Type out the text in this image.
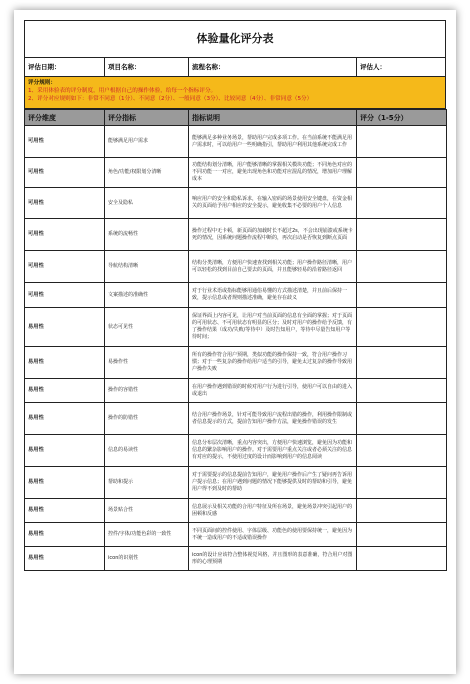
体验量化评分表
评估日期：	项目名称：	流程名称：	评估人：
评分规则：
1、采用体验表的评分制度，用户根据自己的操作体验，给每一个指标评分。
2、评分对应规则如下：非常不同意（1分）、不同意（2分）、一般同意（3分）、比较同意（4分）、非常同意（5分）
评分维度	评分指标	指标说明	评分（1-5分）
可用性	能够满足用户需求	能够满足多种业务场景，帮助用户完成多项工作。在当前系统不能满足用户需求时，可以给用户一些明确指引，帮助用户利用其他系统完成工作	
可用性	角色/功能/权限划分清晰	功能结构划分清晰，用户能够清晰的掌握相关模块功能；不同角色对应的不同功能一一对应，避免出现角色和功能对应混乱的情况，增加用户理解成本	
可用性	安全及隐私	响应用户的安全和隐私诉求，在输入密码的场景使用安全键盘，在资金相关的页面给予用户相应的安全提示，避免收集不必要的用户个人信息	
可用性	系统的流畅性	操作过程中无卡顿，新页面的加载时长不超过2s，不会出现崩溃或系统卡死的情况，因系统问题操作流程中断的，再次启动是否恢复到断点页面	
可用性	导航结构清晰	结构分类清晰，方便用户快速查找到相关功能；用户操作路径清晰，用户可以轻松的找到目前自己要去的页面，并且能够轻易的沿着路径返回	
可用性	文案描述的准确性	对于行业术语或指标能够用通俗易懂的方式描述清楚，并且前后保持一致，提示信息或者规则描述准确，避免存在歧义	
易用性	状态可见性	保证界面上内容可见，让用户对当前页面的信息有全面的掌握；对于页面的可用状态、不可用状态有明显的区分；及时对用户的操作给予反馈，有了操作结果（成功/失败/等待中）及时告知用户，等待中尽量告知用户等待时间；	
易用性	易操作性	所有的操作符合用户预期，类似功能的操作保持一致，符合用户操作习惯；对于一些复杂的操作给用户适当的引导，避免太过复杂的操作导致用户操作失败	
易用性	操作的容错性	在用户操作遇到错误的时候对用户行为进行引导，使用户可以自由的进入或退出	
易用性	操作的防错性	结合用户操作场景，针对可能导致用户流程出错的操作，利用操作限制或者信息提示的方式，提前告知用户操作方法，避免操作错误的发生	
易用性	信息的易读性	信息分布层次清晰，重点内容突出，方便用户快速浏览，避免因为功能和信息的繁杂影响用户的操作。对于需要用户重点关注或者必须关注的信息有对应的提示，不使用过度的设计而影响到用户的信息阅读	
易用性	帮助和提示	对于需要提示的信息提前告知用户，避免用户操作后产生了疑问再告诉用户提示信息；在用户遇到问题的情况下能够提供及时的帮助和引导，避免用户得不到及时的帮助	
易用性	场景贴合性	信息展示及相关功能的合用户特征及所在场景，避免场景冲突引起用户的困顿和反感	
易用性	控件/字体/功能色彩的一致性	不同页面间的控件使用、字体层级、功能色的使用要保持统一，避免因为不统一造成用户的不适或错误操作	
易用性	icon的识别性	icon的设计应该符合整体视觉风格，并且图形的表意准确，符合用户对图形的心理预期	
